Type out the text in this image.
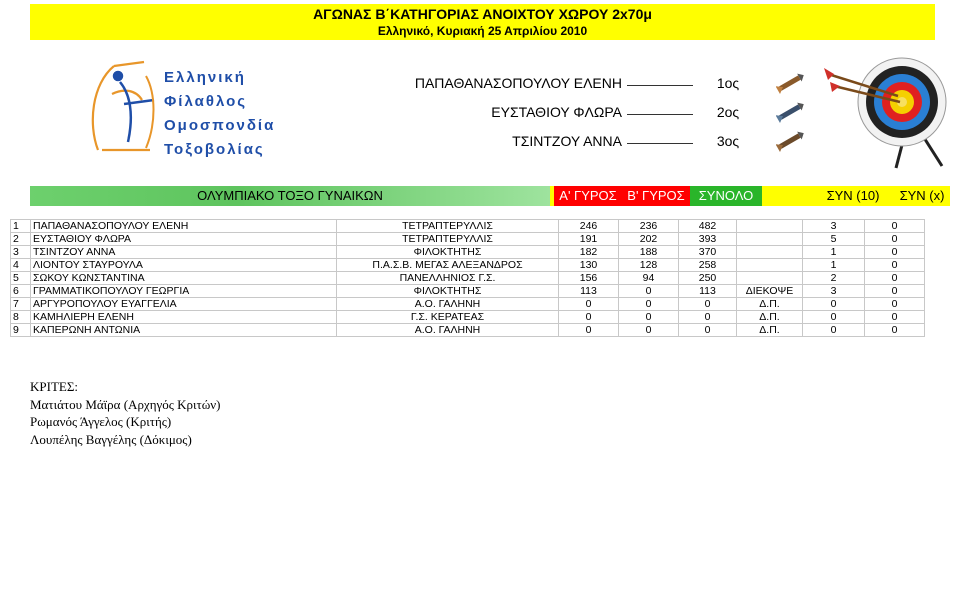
ΑΓΩΝΑΣ Β΄ΚΑΤΗΓΟΡΙΑΣ ΑΝΟΙΧΤΟΥ ΧΩΡΟΥ 2x70μ
Ελληνικό, Κυριακή 25 Απριλίου 2010
Ελληνική
Φίλαθλος
Ομοσπονδία
Τοξοβολίας
ΠΑΠΑΘΑΝΑΣΟΠΟΥΛΟΥ ΕΛΕΝΗ	1ος
ΕΥΣΤΑΘΙΟΥ ΦΛΩΡΑ	2ος
ΤΣΙΝΤΖΟΥ ΑΝΝΑ	3ος
ΟΛΥΜΠΙΑΚΟ ΤΟΞΟ ΓΥΝΑΙΚΩΝ	Α' ΓΥΡΟΣ Β' ΓΥΡΟΣ	ΣΥΝΟΛΟ	ΣΥΝ (10)	ΣΥΝ (x)
1	ΠΑΠΑΘΑΝΑΣΟΠΟΥΛΟΥ ΕΛΕΝΗ	ΤΕΤΡΑΠΤΕΡΥΛΛΙΣ	246	236	482		3	0
2	ΕΥΣΤΑΘΙΟΥ ΦΛΩΡΑ	ΤΕΤΡΑΠΤΕΡΥΛΛΙΣ	191	202	393		5	0
3	ΤΣΙΝΤΖΟΥ ΑΝΝΑ	ΦΙΛΟΚΤΗΤΗΣ	182	188	370		1	0
4	ΛΙΟΝΤΟΥ ΣΤΑΥΡΟΥΛΑ	Π.Α.Σ.Β. ΜΕΓΑΣ ΑΛΕΞΑΝΔΡΟΣ	130	128	258		1	0
5	ΣΩΚΟΥ ΚΩΝΣΤΑΝΤΙΝΑ	ΠΑΝΕΛΛΗΝΙΟΣ Γ.Σ.	156	94	250		2	0
6	ΓΡΑΜΜΑΤΙΚΟΠΟΥΛΟΥ ΓΕΩΡΓΙΑ	ΦΙΛΟΚΤΗΤΗΣ	113	0	113	ΔΙΕΚΟΨΕ	3	0
7	ΑΡΓΥΡΟΠΟΥΛΟΥ ΕΥΑΓΓΕΛΙΑ	Α.Ο. ΓΑΛΗΝΗ	0	0	0	Δ.Π.	0	0
8	ΚΑΜΗΛΙΕΡΗ ΕΛΕΝΗ	Γ.Σ. ΚΕΡΑΤΕΑΣ	0	0	0	Δ.Π.	0	0
9	ΚΑΠΕΡΩΝΗ ΑΝΤΩΝΙΑ	Α.Ο. ΓΑΛΗΝΗ	0	0	0	Δ.Π.	0	0
ΚΡΙΤΕΣ:
Ματιάτου Μάϊρα (Αρχηγός Κριτών)
Ρωμανός Άγγελος (Κριτής)
Λουπέλης Βαγγέλης (Δόκιμος)
